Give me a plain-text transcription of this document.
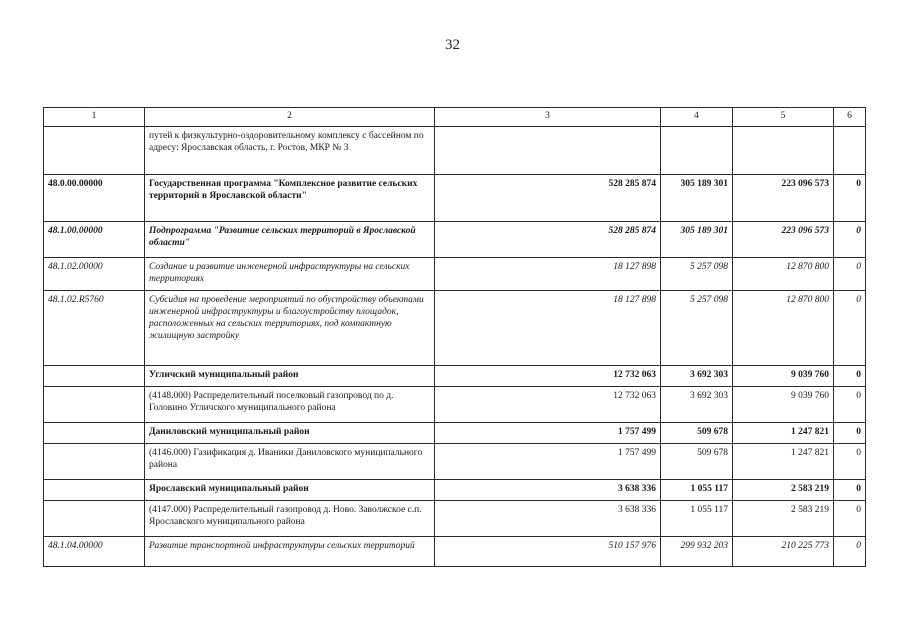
32
1	2	3	4	5	6
	путей к физкультурно-оздоровительному комплексу с бассейном по адресу: Ярославская область, г. Ростов, МКР № 3				
48.0.00.00000	Государственная программа "Комплексное развитие сельских территорий в Ярославской области"	528 285 874	305 189 301	223 096 573	0
48.1.00.00000	Подпрограмма "Развитие сельских территорий в Ярославской области"	528 285 874	305 189 301	223 096 573	0
48.1.02.00000	Создание и развитие инженерной инфраструктуры на сельских территориях	18 127 898	5 257 098	12 870 800	0
48.1.02.R5760	Субсидия на проведение мероприятий по обустройству объектами инженерной инфраструктуры и благоустройству площадок, расположенных на сельских территориях, под компактную жилищную застройку	18 127 898	5 257 098	12 870 800	0
	Угличский муниципальный район	12 732 063	3 692 303	9 039 760	0
	(4148.000) Распределительный поселковый газопровод по д. Головино Угличского муниципального района	12 732 063	3 692 303	9 039 760	0
	Даниловский муниципальный район	1 757 499	509 678	1 247 821	0
	(4146.000) Газификация д. Иваники Даниловского муниципального района	1 757 499	509 678	1 247 821	0
	Ярославский муниципальный район	3 638 336	1 055 117	2 583 219	0
	(4147.000) Распределительный газопровод д. Ново. Заволжское с.п. Ярославского муниципального района	3 638 336	1 055 117	2 583 219	0
48.1.04.00000	Развитие транспортной инфраструктуры сельских территорий	510 157 976	299 932 203	210 225 773	0
